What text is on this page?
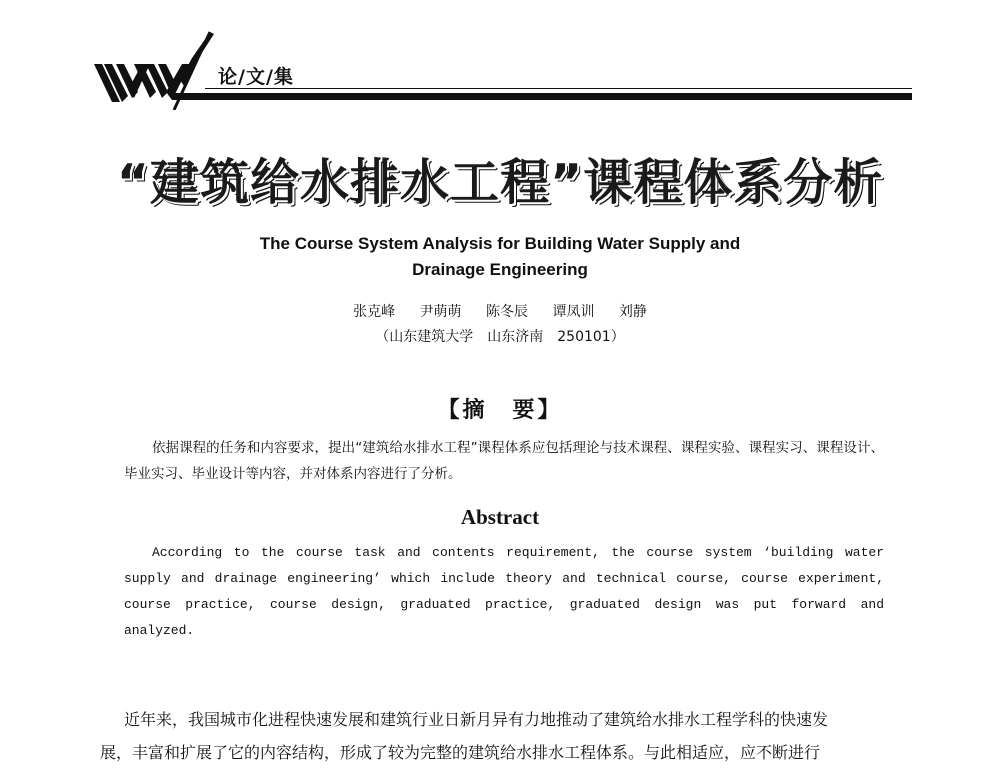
论/文/集
“建筑给水排水工程”课程体系分析
The Course System Analysis for Building Water Supply and
Drainage Engineering
张克峰 尹萌萌 陈冬辰 谭凤训 刘静
（山东建筑大学　山东济南　250101）
【摘　要】
依据课程的任务和内容要求，提出“建筑给水排水工程”课程体系应包括理论与技术课程、课程实验、课程实习、课程设计、毕业实习、毕业设计等内容，并对体系内容进行了分析。
Abstract
According to the course task and contents requirement, the course system ‘building water supply and drainage engineering’ which include theory and technical course, course experiment, course practice, course design, graduated practice, graduated design was put forward and analyzed.
近年来，我国城市化进程快速发展和建筑行业日新月异有力地推动了建筑给水排水工程学科的快速发
展，丰富和扩展了它的内容结构，形成了较为完整的建筑给水排水工程体系。与此相适应，应不断进行
